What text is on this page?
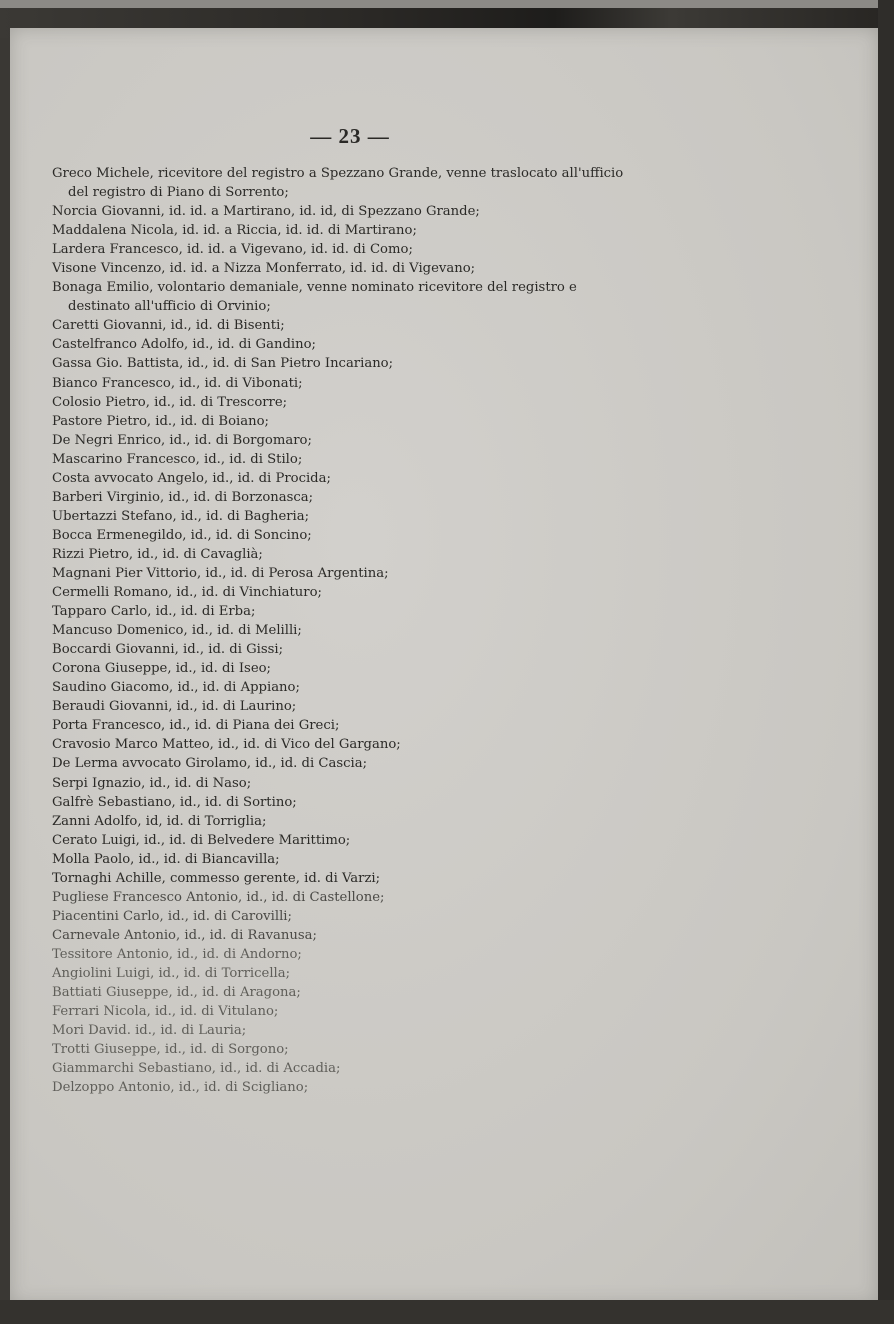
— 23 —
Greco Michele, ricevitore del registro a Spezzano Grande, venne traslocato all'ufficio del registro di Piano di Sorrento;
Norcia Giovanni, id. id. a Martirano, id. id, di Spezzano Grande;
Maddalena Nicola, id. id. a Riccia, id. id. di Martirano;
Lardera Francesco, id. id. a Vigevano, id. id. di Como;
Visone Vincenzo, id. id. a Nizza Monferrato, id. id. di Vigevano;
Bonaga Emilio, volontario demaniale, venne nominato ricevitore del registro e destinato all'ufficio di Orvinio;
Caretti Giovanni, id., id. di Bisenti;
Castelfranco Adolfo, id., id. di Gandino;
Gassa Gio. Battista, id., id. di San Pietro Incariano;
Bianco Francesco, id., id. di Vibonati;
Colosio Pietro, id., id. di Trescorre;
Pastore Pietro, id., id. di Boiano;
De Negri Enrico, id., id. di Borgomaro;
Mascarino Francesco, id., id. di Stilo;
Costa avvocato Angelo, id., id. di Procida;
Barberi Virginio, id., id. di Borzonasca;
Ubertazzi Stefano, id., id. di Bagheria;
Bocca Ermenegildo, id., id. di Soncino;
Rizzi Pietro, id., id. di Cavaglià;
Magnani Pier Vittorio, id., id. di Perosa Argentina;
Cermelli Romano, id., id. di Vinchiaturo;
Tapparo Carlo, id., id. di Erba;
Mancuso Domenico, id., id. di Melilli;
Boccardi Giovanni, id., id. di Gissi;
Corona Giuseppe, id., id. di Iseo;
Saudino Giacomo, id., id. di Appiano;
Beraudi Giovanni, id., id. di Laurino;
Porta Francesco, id., id. di Piana dei Greci;
Cravosio Marco Matteo, id., id. di Vico del Gargano;
De Lerma avvocato Girolamo, id., id. di Cascia;
Serpi Ignazio, id., id. di Naso;
Galfrè Sebastiano, id., id. di Sortino;
Zanni Adolfo, id, id. di Torriglia;
Cerato Luigi, id., id. di Belvedere Marittimo;
Molla Paolo, id., id. di Biancavilla;
Tornaghi Achille, commesso gerente, id. di Varzi;
Pugliese Francesco Antonio, id., id. di Castellone;
Piacentini Carlo, id., id. di Carovilli;
Carnevale Antonio, id., id. di Ravanusa;
Tessitore Antonio, id., id. di Andorno;
Angiolini Luigi, id., id. di Torricella;
Battiati Giuseppe, id., id. di Aragona;
Ferrari Nicola, id., id. di Vitulano;
Mori David. id., id. di Lauria;
Trotti Giuseppe, id., id. di Sorgono;
Giammarchi Sebastiano, id., id. di Accadia;
Delzoppo Antonio, id., id. di Scigliano;
